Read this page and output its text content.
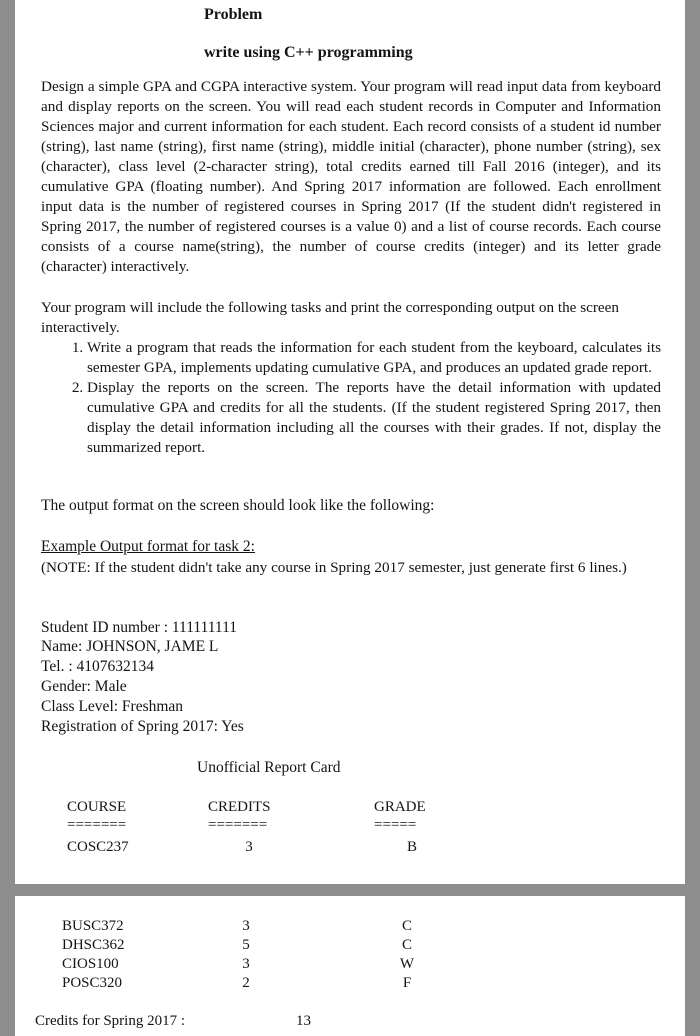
Problem

write using C++ programming

Design a simple GPA and CGPA interactive system. Your program will read input data from keyboard and display reports on the screen. You will read each student records in Computer and Information Sciences major and current information for each student. Each record consists of a student id number (string), last name (string), first name (string), middle initial (character), phone number (string), sex (character), class level (2-character string), total credits earned till Fall 2016 (integer), and its cumulative GPA (floating number). And Spring 2017 information are followed. Each enrollment input data is the number of registered courses in Spring 2017 (If the student didn't registered in Spring 2017, the number of registered courses is a value 0) and a list of course records. Each course consists of a course name(string), the number of course credits (integer) and its letter grade (character) interactively.

Your program will include the following tasks and print the corresponding output on the screen interactively.

1. Write a program that reads the information for each student from the keyboard, calculates its semester GPA, implements updating cumulative GPA, and produces an updated grade report.
2. Display the reports on the screen. The reports have the detail information with updated cumulative GPA and credits for all the students. (If the student registered Spring 2017, then display the detail information including all the courses with their grades. If not, display the summarized report.

The output format on the screen should look like the following:

Example Output format for task 2:

(NOTE: If the student didn't take any course in Spring 2017 semester, just generate first 6 lines.)

Student ID number : 111111111

Name: JOHNSON, JAME L

Tel. : 4107632134

Gender: Male

Class Level: Freshman

Registration of Spring 2017: Yes

Unofficial Report Card

COURSE	CREDITS	GRADE

=======	=======	=====

COSC237	3	B

BUSC372	3	C

DHSC362	5	C

CIOS100	3	W

POSC320	2	F

Credits for Spring 2017 :	13
